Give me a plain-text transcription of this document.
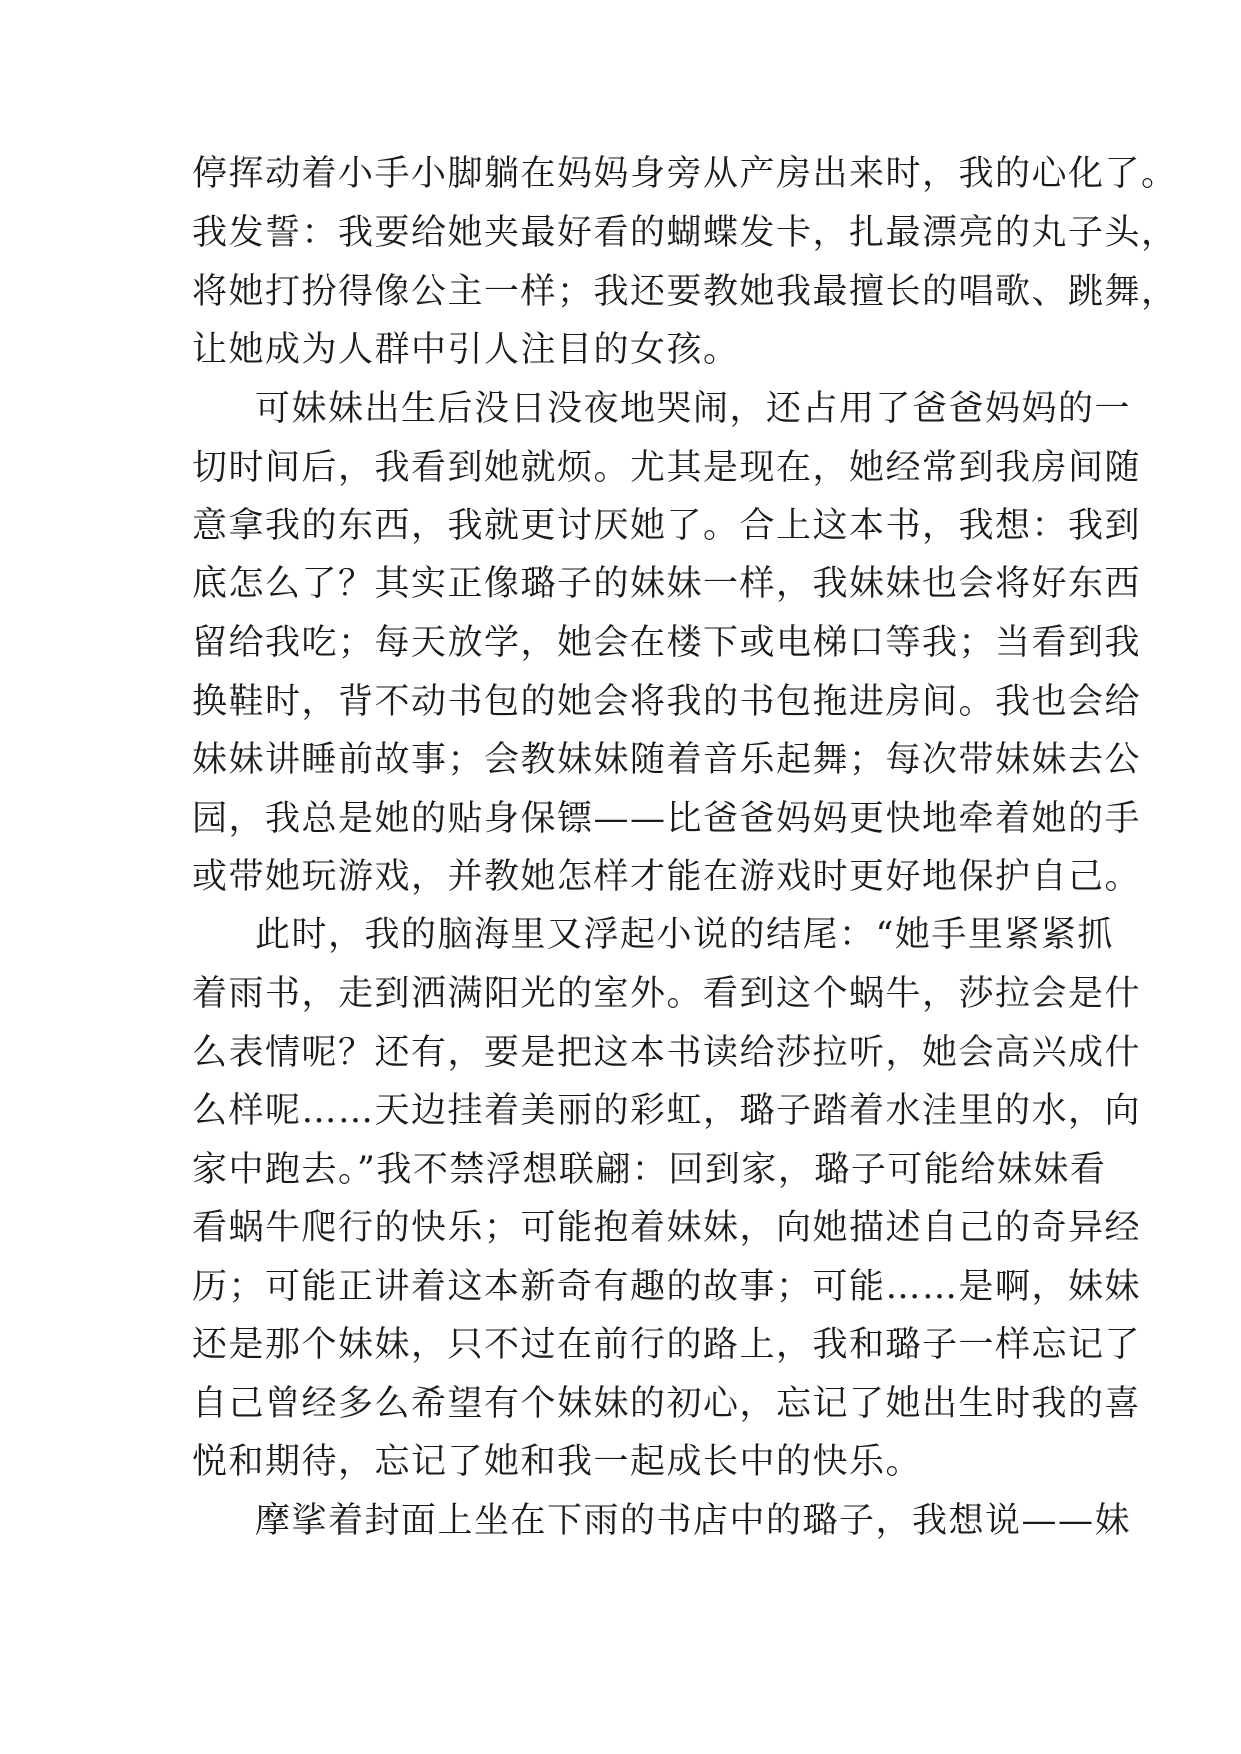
停挥动着小手小脚躺在妈妈身旁从产房出来时，我的心化了。
我发誓：我要给她夹最好看的蝴蝶发卡，扎最漂亮的丸子头，
将她打扮得像公主一样；我还要教她我最擅长的唱歌、跳舞，
让她成为人群中引人注目的女孩。
可妹妹出生后没日没夜地哭闹，还占用了爸爸妈妈的一
切时间后，我看到她就烦。尤其是现在，她经常到我房间随
意拿我的东西，我就更讨厌她了。合上这本书，我想：我到
底怎么了？其实正像璐子的妹妹一样，我妹妹也会将好东西
留给我吃；每天放学，她会在楼下或电梯口等我；当看到我
换鞋时，背不动书包的她会将我的书包拖进房间。我也会给
妹妹讲睡前故事；会教妹妹随着音乐起舞；每次带妹妹去公
园，我总是她的贴身保镖——比爸爸妈妈更快地牵着她的手
或带她玩游戏，并教她怎样才能在游戏时更好地保护自己。
此时，我的脑海里又浮起小说的结尾：“她手里紧紧抓
着雨书，走到洒满阳光的室外。看到这个蜗牛，莎拉会是什
么表情呢？还有，要是把这本书读给莎拉听，她会高兴成什
么样呢……天边挂着美丽的彩虹，璐子踏着水洼里的水，向
家中跑去。”我不禁浮想联翩：回到家，璐子可能给妹妹看
看蜗牛爬行的快乐；可能抱着妹妹，向她描述自己的奇异经
历；可能正讲着这本新奇有趣的故事；可能……是啊，妹妹
还是那个妹妹，只不过在前行的路上，我和璐子一样忘记了
自己曾经多么希望有个妹妹的初心，忘记了她出生时我的喜
悦和期待，忘记了她和我一起成长中的快乐。
摩挲着封面上坐在下雨的书店中的璐子，我想说——妹
